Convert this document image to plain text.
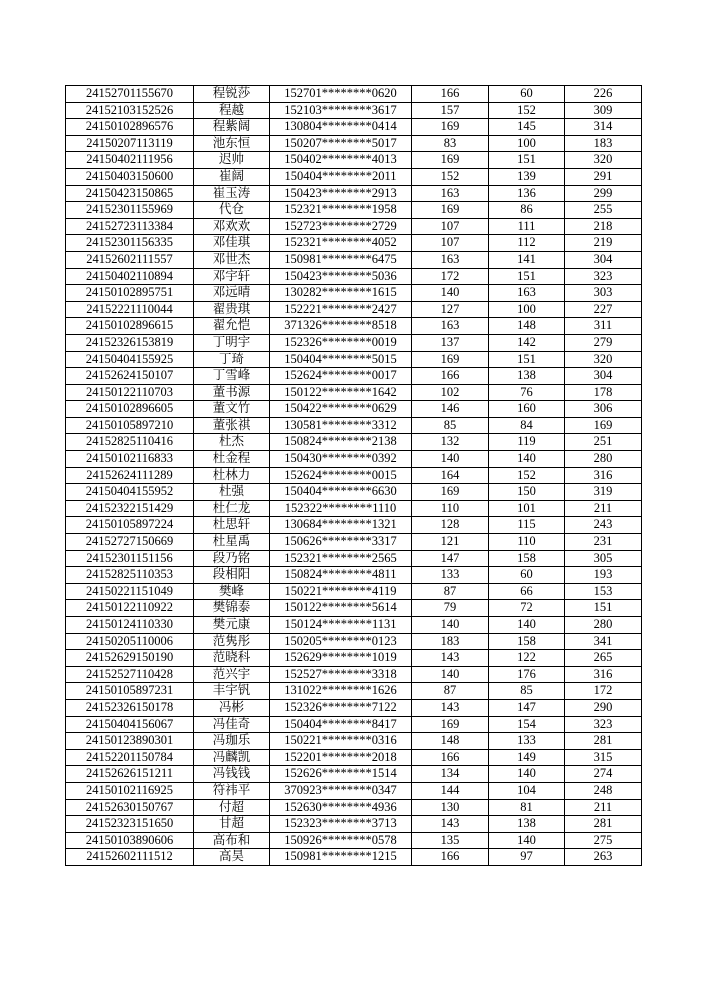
24152701155670	程锐莎	152701********0620	166	60	226
24152103152526	程越	152103********3617	157	152	309
24150102896576	程紫阔	130804********0414	169	145	314
24150207113119	池东恒	150207********5017	83	100	183
24150402111956	迟帅	150402********4013	169	151	320
24150403150600	崔阔	150404********2011	152	139	291
24150423150865	崔玉涛	150423********2913	163	136	299
24152301155969	代仓	152321********1958	169	86	255
24152723113384	邓欢欢	152723********2729	107	111	218
24152301156335	邓佳琪	152321********4052	107	112	219
24152602111557	邓世杰	150981********6475	163	141	304
24150402110894	邓宇轩	150423********5036	172	151	323
24150102895751	邓远晴	130282********1615	140	163	303
24152221110044	翟贵琪	152221********2427	127	100	227
24150102896615	翟允恺	371326********8518	163	148	311
24152326153819	丁明宇	152326********0019	137	142	279
24150404155925	丁琦	150404********5015	169	151	320
24152624150107	丁雪峰	152624********0017	166	138	304
24150122110703	董书源	150122********1642	102	76	178
24150102896605	董文竹	150422********0629	146	160	306
24150105897210	董张祺	130581********3312	85	84	169
24152825110416	杜杰	150824********2138	132	119	251
24150102116833	杜金程	150430********0392	140	140	280
24152624111289	杜林力	152624********0015	164	152	316
24150404155952	杜强	150404********6630	169	150	319
24152322151429	杜仁龙	152322********1110	110	101	211
24150105897224	杜思轩	130684********1321	128	115	243
24152727150669	杜星禹	150626********3317	121	110	231
24152301151156	段乃铭	152321********2565	147	158	305
24152825110353	段相阳	150824********4811	133	60	193
24150221151049	樊峰	150221********4119	87	66	153
24150122110922	樊锦泰	150122********5614	79	72	151
24150124110330	樊元康	150124********1131	140	140	280
24150205110006	范隽彤	150205********0123	183	158	341
24152629150190	范晓科	152629********1019	143	122	265
24152527110428	范兴宇	152527********3318	140	176	316
24150105897231	丰宇钒	131022********1626	87	85	172
24152326150178	冯彬	152326********7122	143	147	290
24150404156067	冯佳奇	150404********8417	169	154	323
24150123890301	冯珈乐	150221********0316	148	133	281
24152201150784	冯麟凯	152201********2018	166	149	315
24152626151211	冯钱钱	152626********1514	134	140	274
24150102116925	符祎平	370923********0347	144	104	248
24152630150767	付超	152630********4936	130	81	211
24152323151650	甘超	152323********3713	143	138	281
24150103890606	高布和	150926********0578	135	140	275
24152602111512	高昊	150981********1215	166	97	263
